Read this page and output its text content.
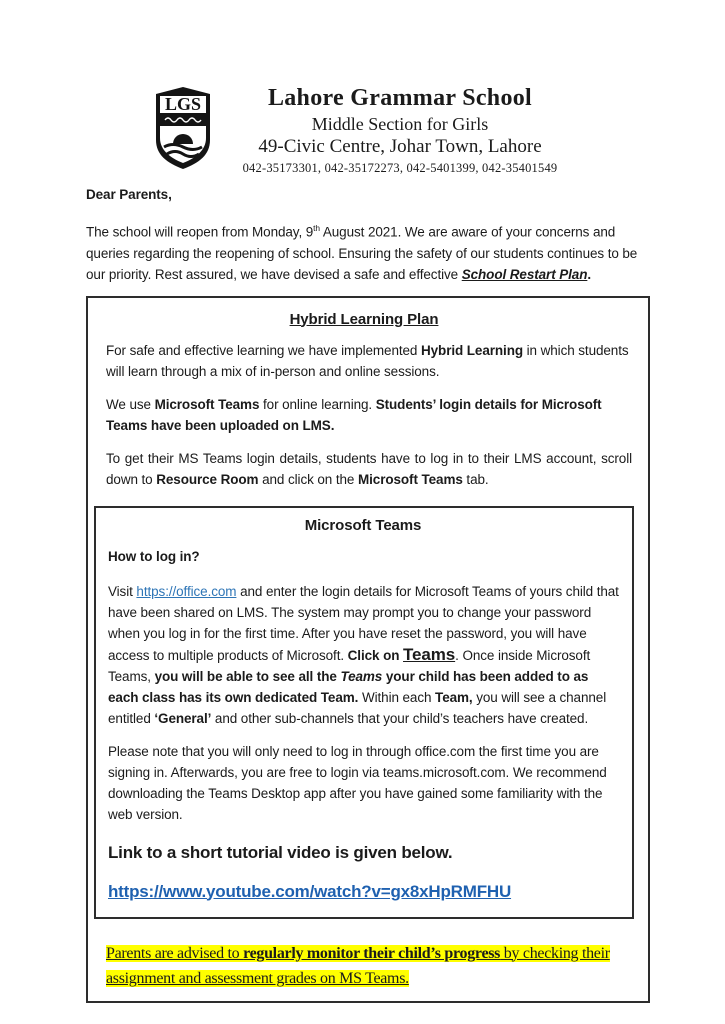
LGS	Lahore Grammar School
Middle Section for Girls
49-Civic Centre, Johar Town, Lahore
042-35173301, 042-35172273, 042-5401399, 042-35401549

Dear Parents,

The school will reopen from Monday, 9th August 2021. We are aware of your concerns and queries regarding the reopening of school. Ensuring the safety of our students continues to be our priority. Rest assured, we have devised a safe and effective School Restart Plan.

Hybrid Learning Plan

For safe and effective learning we have implemented Hybrid Learning in which students will learn through a mix of in-person and online sessions.

We use Microsoft Teams for online learning. Students’ login details for Microsoft Teams have been uploaded on LMS.

To get their MS Teams login details, students have to log in to their LMS account, scroll down to Resource Room and click on the Microsoft Teams tab.

Microsoft Teams

How to log in?

Visit https://office.com and enter the login details for Microsoft Teams of yours child that have been shared on LMS. The system may prompt you to change your password when you log in for the first time. After you have reset the password, you will have access to multiple products of Microsoft. Click on Teams. Once inside Microsoft Teams, you will be able to see all the Teams your child has been added to as each class has its own dedicated Team. Within each Team, you will see a channel entitled ‘General’ and other sub-channels that your child’s teachers have created.

Please note that you will only need to log in through office.com the first time you are signing in. Afterwards, you are free to login via teams.microsoft.com. We recommend downloading the Teams Desktop app after you have gained some familiarity with the web version.

Link to a short tutorial video is given below.

https://www.youtube.com/watch?v=gx8xHpRMFHU

Parents are advised to regularly monitor their child’s progress by checking their assignment and assessment grades on MS Teams.
